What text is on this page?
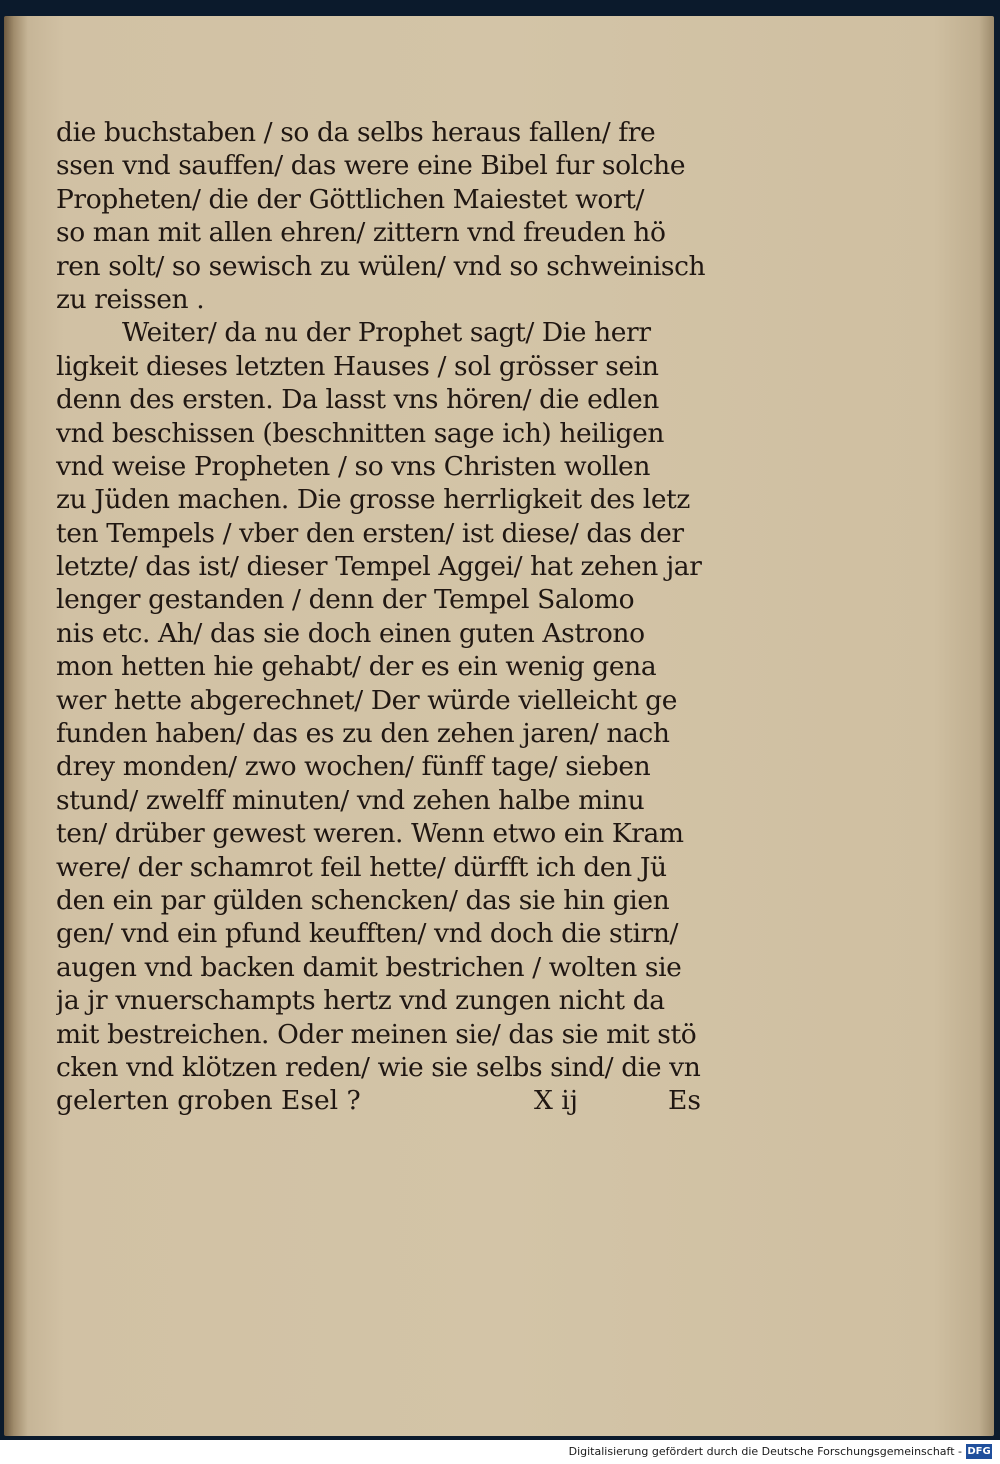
die buchstaben / so da selbs heraus fallen/ fre
ssen vnd sauffen/ das were eine Bibel fur solche
Propheten/ die der Göttlichen Maiestet wort/
so man mit allen ehren/ zittern vnd freuden hö
ren solt/ so sewisch zu wülen/ vnd so schweinisch
zu reissen .
Weiter/ da nu der Prophet sagt/ Die herr
ligkeit dieses letzten Hauses / sol grösser sein
denn des ersten. Da lasst vns hören/ die edlen
vnd beschissen (beschnitten sage ich) heiligen
vnd weise Propheten / so vns Christen wollen
zu Jüden machen. Die grosse herrligkeit des letz
ten Tempels / vber den ersten/ ist diese/ das der
letzte/ das ist/ dieser Tempel Aggei/ hat zehen jar
lenger gestanden / denn der Tempel Salomo
nis etc. Ah/ das sie doch einen guten Astrono
mon hetten hie gehabt/ der es ein wenig gena
wer hette abgerechnet/ Der würde vielleicht ge
funden haben/ das es zu den zehen jaren/ nach
drey monden/ zwo wochen/ fünff tage/ sieben
stund/ zwelff minuten/ vnd zehen halbe minu
ten/ drüber gewest weren. Wenn etwo ein Kram
were/ der schamrot feil hette/ dürfft ich den Jü
den ein par gülden schencken/ das sie hin gien
gen/ vnd ein pfund keufften/ vnd doch die stirn/
augen vnd backen damit bestrichen / wolten sie
ja jr vnuerschampts hertz vnd zungen nicht da
mit bestreichen. Oder meinen sie/ das sie mit stö
cken vnd klötzen reden/ wie sie selbs sind/ die vn
gelerten groben Esel ?	X ij	Es
Digitalisierung gefördert durch die Deutsche Forschungsgemeinschaft - DFG
